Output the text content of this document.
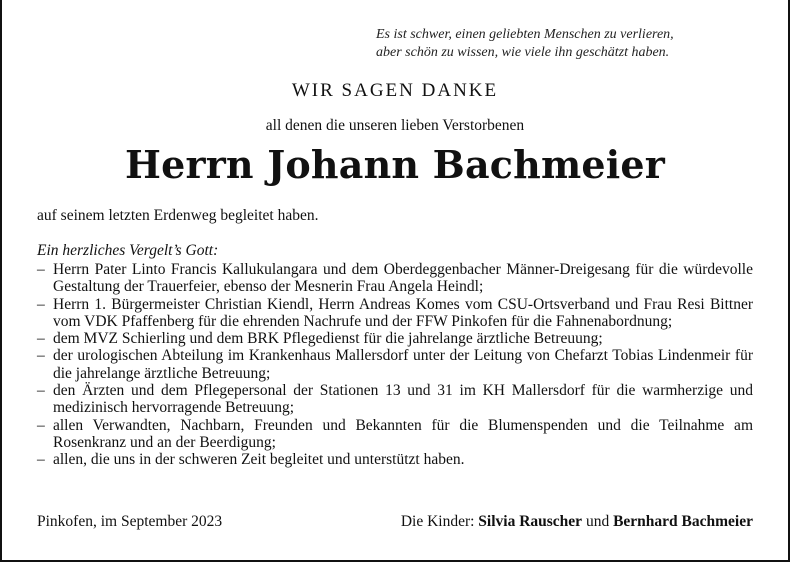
Es ist schwer, einen geliebten Menschen zu verlieren,
aber schön zu wissen, wie viele ihn geschätzt haben.
WIR SAGEN DANKE
all denen die unseren lieben Verstorbenen
Herrn Johann Bachmeier
auf seinem letzten Erdenweg begleitet haben.
Ein herzliches Vergelt’s Gott:
– Herrn Pater Linto Francis Kallukulangara und dem Oberdeggenbacher Männer-Dreigesang für die würdevolle Gestaltung der Trauerfeier, ebenso der Mesnerin Frau Angela Heindl;
– Herrn 1. Bürgermeister Christian Kiendl, Herrn Andreas Komes vom CSU-Ortsverband und Frau Resi Bittner vom VDK Pfaffenberg für die ehrenden Nachrufe und der FFW Pinkofen für die Fahnenabordnung;
– dem MVZ Schierling und dem BRK Pflegedienst für die jahrelange ärztliche Betreuung;
– der urologischen Abteilung im Krankenhaus Mallersdorf unter der Leitung von Chefarzt Tobias Lindenmeir für die jahrelange ärztliche Betreuung;
– den Ärzten und dem Pflegepersonal der Stationen 13 und 31 im KH Mallersdorf für die warmherzige und medizinisch hervorragende Betreuung;
– allen Verwandten, Nachbarn, Freunden und Bekannten für die Blumenspenden und die Teilnahme am Rosenkranz und an der Beerdigung;
– allen, die uns in der schweren Zeit begleitet und unterstützt haben.
Pinkofen, im September 2023	Die Kinder: Silvia Rauscher und Bernhard Bachmeier
